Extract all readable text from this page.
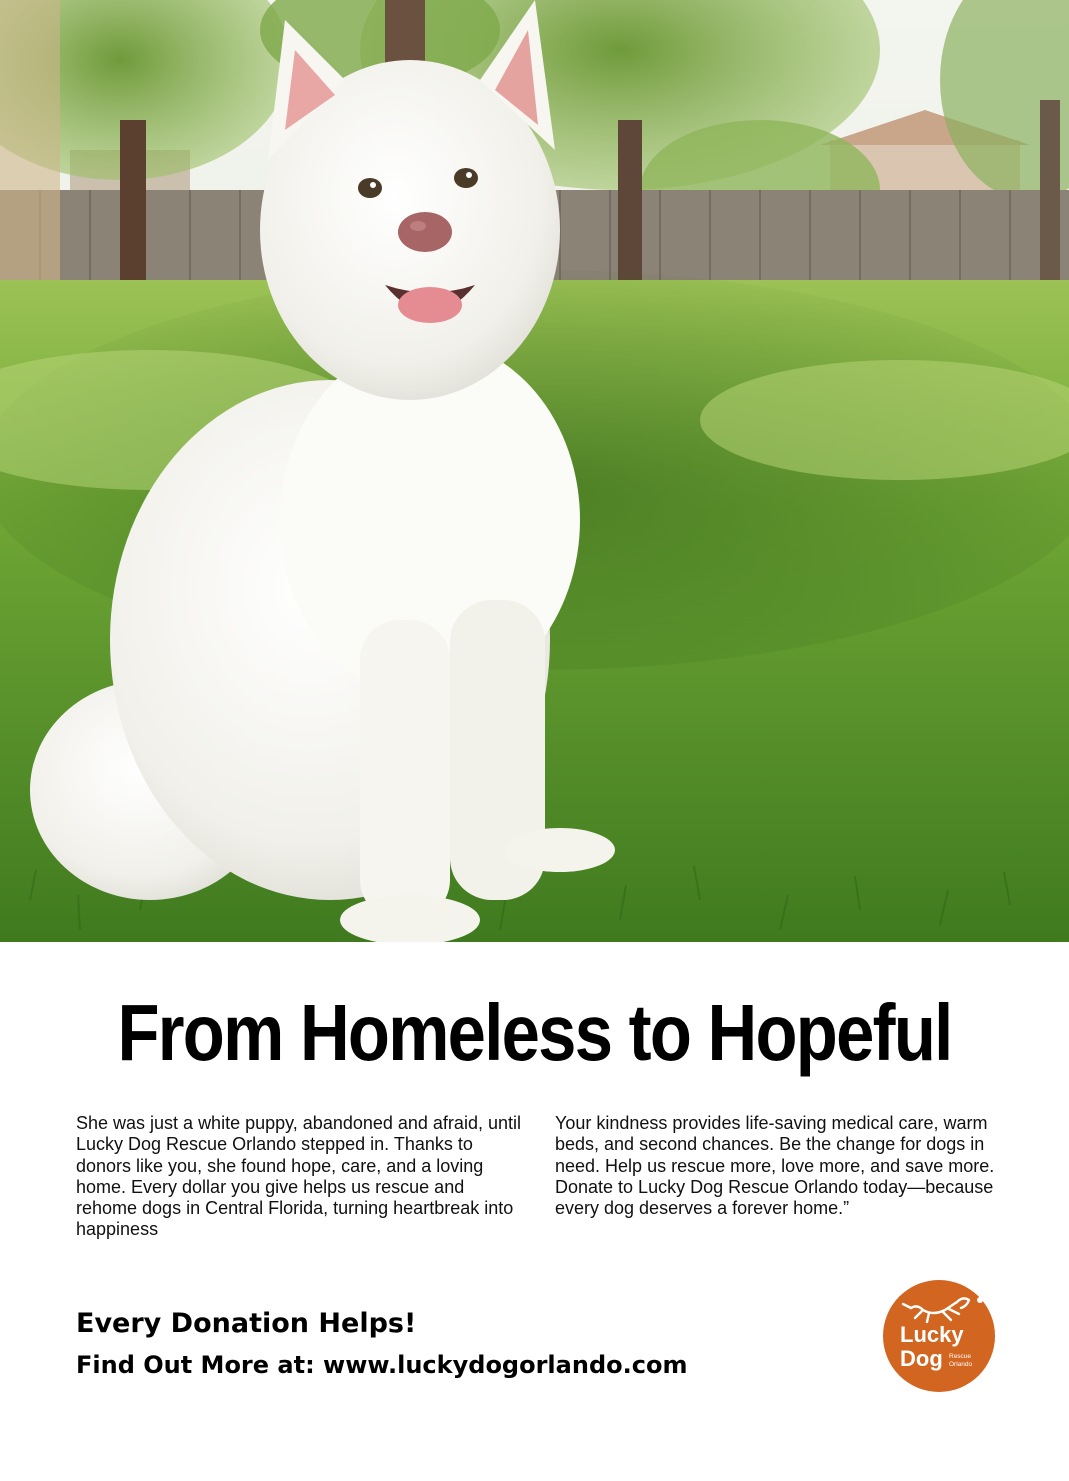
From Homeless to Hopeful

She was just a white puppy, abandoned and afraid, until Lucky Dog Rescue Orlando stepped in. Thanks to donors like you, she found hope, care, and a loving home. Every dollar you give helps us rescue and rehome dogs in Central Florida, turning heartbreak into happiness

Your kindness provides life-saving medical care, warm beds, and second chances. Be the change for dogs in need. Help us rescue more, love more, and save more. Donate to Lucky Dog Rescue Orlando today—because every dog deserves a forever home.”

Every Donation Helps!

Find Out More at: www.luckydogorlando.com

Lucky
Dog Rescue
Orlando
